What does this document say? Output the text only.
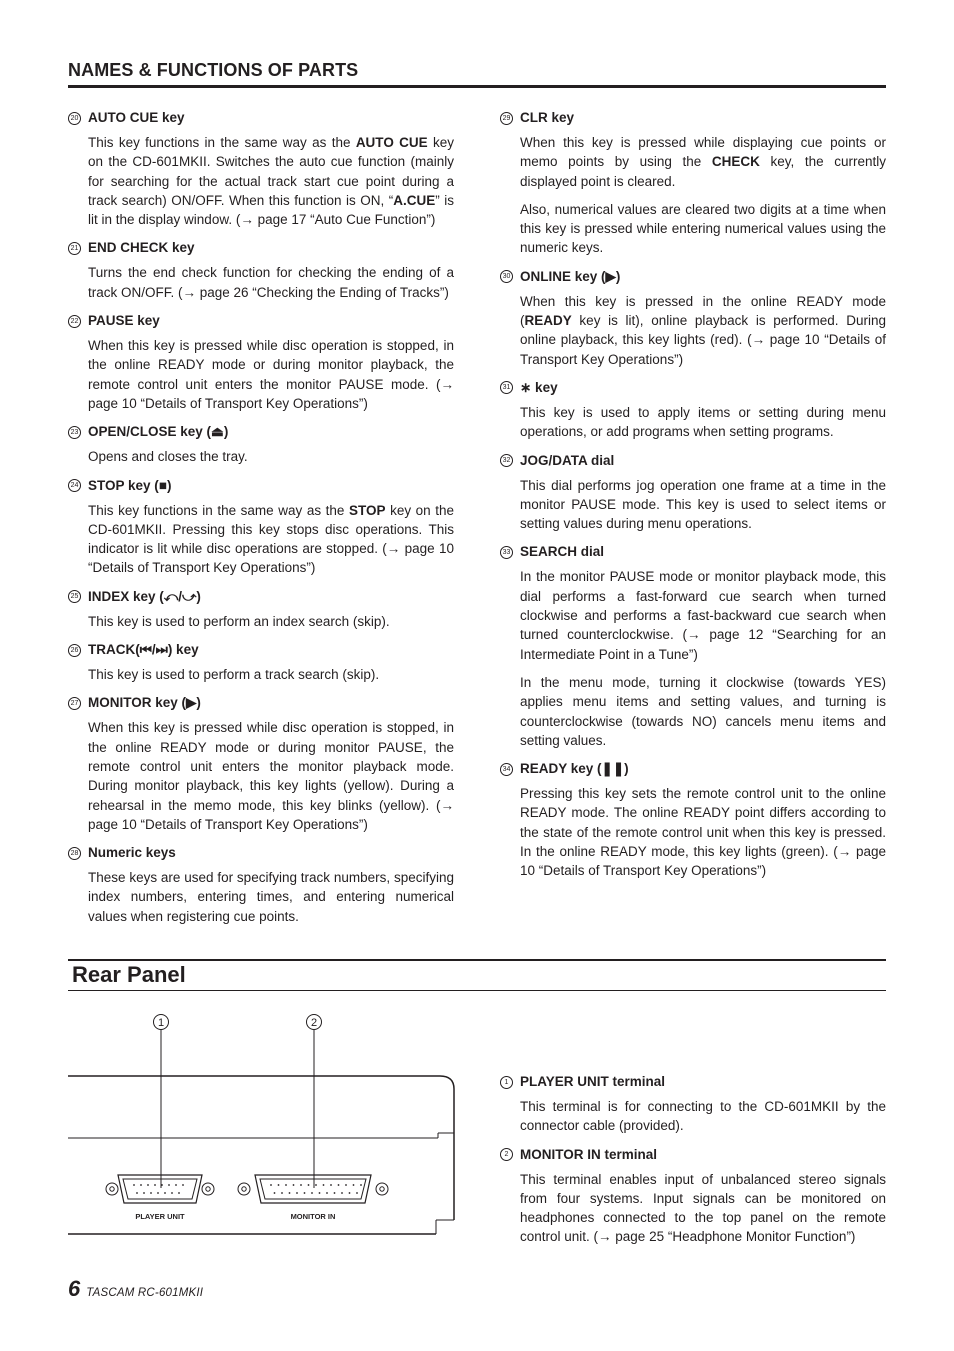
NAMES & FUNCTIONS OF PARTS
20 AUTO CUE key

This key functions in the same way as the AUTO CUE key on the CD-601MKII. Switches the auto cue function (mainly for searching for the actual track start cue point during a track search) ON/OFF. When this function is ON, “A.CUE” is lit in the display window. (→ page 17 “Auto Cue Function”)

21 END CHECK key

Turns the end check function for checking the ending of a track ON/OFF. (→ page 26 “Checking the Ending of Tracks”)

22 PAUSE key

When this key is pressed while disc operation is stopped, in the online READY mode or during monitor playback, the remote control unit enters the monitor PAUSE mode. (→ page 10 “Details of Transport Key Operations”)

23 OPEN/CLOSE key ( ⏏ )

Opens and closes the tray.

24 STOP key ( ■ )

This key functions in the same way as the STOP key on the CD-601MKII. Pressing this key stops disc operations. This indicator is lit while disc operations are stopped. (→ page 10 “Details of Transport Key Operations”)

25 INDEX key ( ⤺/⤻ )

This key is used to perform an index search (skip).

26 TRACK( ⏮/⏭ ) key

This key is used to perform a track search (skip).

27 MONITOR key ( ▶ )

When this key is pressed while disc operation is stopped, in the online READY mode or during monitor PAUSE, the remote control unit enters the monitor playback mode. During monitor playback, this key lights (yellow). During a rehearsal in the memo mode, this key blinks (yellow). (→ page 10 “Details of Transport Key Operations”)

28 Numeric keys

These keys are used for specifying track numbers, specifying index numbers, entering times, and entering numerical values when registering cue points.

29 CLR key

When this key is pressed while displaying cue points or memo points by using the CHECK key, the currently displayed point is cleared.

Also, numerical values are cleared two digits at a time when this key is pressed while entering numerical values using the numeric keys.

30 ONLINE key ( ▶ )

When this key is pressed in the online READY mode (READY key is lit), online playback is performed. During online playback, this key lights (red). (→ page 10 “Details of Transport Key Operations”)

31 ∗ key

This key is used to apply items or setting during menu operations, or add programs when setting programs.

32 JOG/DATA dial

This dial performs jog operation one frame at a time in the monitor PAUSE mode. This key is used to select items or setting values during menu operations.

33 SEARCH dial

In the monitor PAUSE mode or monitor playback mode, this dial performs a fast-forward cue search when turned clockwise and performs a fast-backward cue search when turned counterclockwise. (→ page 12 “Searching for an Intermediate Point in a Tune”)

In the menu mode, turning it clockwise (towards YES) applies menu items and setting values, and turning is counterclockwise (towards NO) cancels menu items and setting values.

34 READY key ( ❚❚ )

Pressing this key sets the remote control unit to the online READY mode. The online READY point differs according to the state of the remote control unit when this key is pressed. In the online READY mode, this key lights (green). (→ page 10 “Details of Transport Key Operations”)

Rear Panel
1	2
PLAYER UNIT	MONITOR IN
1 PLAYER UNIT terminal

This terminal is for connecting to the CD-601MKII by the connector cable (provided).

2 MONITOR IN terminal

This terminal enables input of unbalanced stereo signals from four systems. Input signals can be monitored on headphones connected to the top panel on the remote control unit. (→ page 25 “Headphone Monitor Function”)

6 TASCAM RC-601MKII
